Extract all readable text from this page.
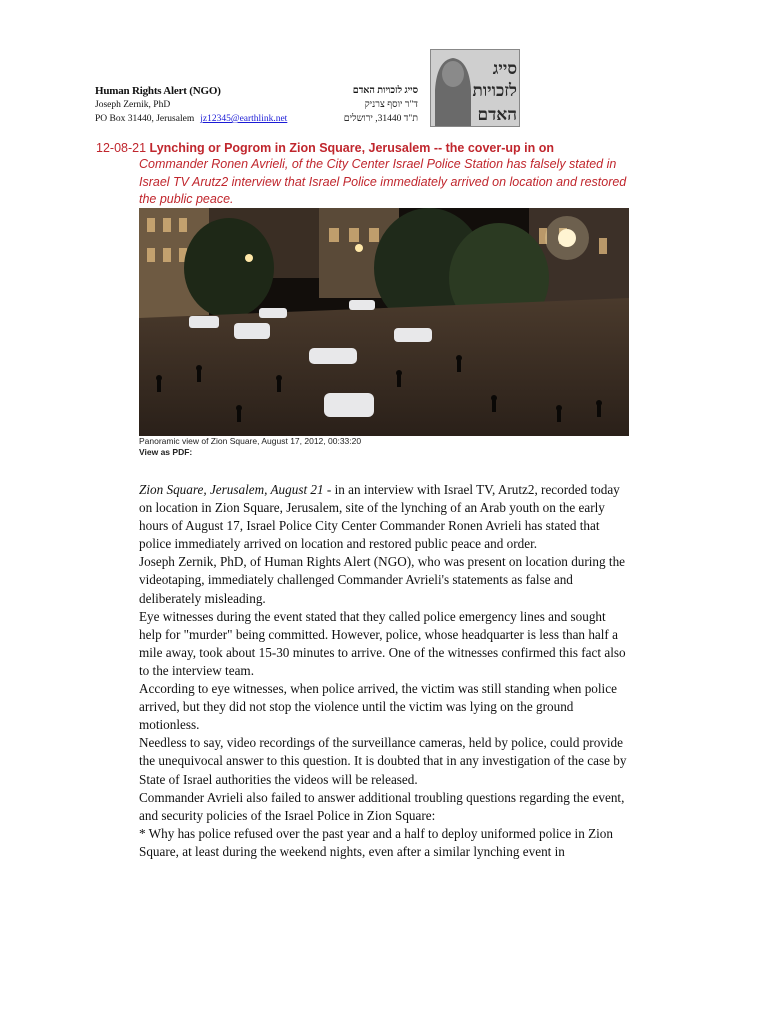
Human Rights Alert (NGO)
Joseph Zernik, PhD
PO Box 31440, Jerusalem jz12345@earthlink.net
סייג לזכויות האדם
ד"ר יוסף צרניק
ת"ד 31440, ירושלים
סייג
לזכויות
האדם
12-08-21 Lynching or Pogrom in Zion Square, Jerusalem -- the cover-up in on
Commander Ronen Avrieli, of the City Center Israel Police Station has falsely stated in Israel TV Arutz2 interview that Israel Police immediately arrived on location and restored the public peace.
Panoramic view of Zion Square, August 17, 2012, 00:33:20
View as PDF:

Zion Square, Jerusalem, August 21 - in an interview with Israel TV, Arutz2, recorded today on location in Zion Square, Jerusalem, site of the lynching of an Arab youth on the early hours of August 17, Israel Police City Center Commander Ronen Avrieli has stated that police immediately arrived on location and restored public peace and order.

Joseph Zernik, PhD, of Human Rights Alert (NGO), who was present on location during the videotaping, immediately challenged Commander Avrieli's statements as false and deliberately misleading.

Eye witnesses during the event stated that they called police emergency lines and sought help for "murder" being committed. However, police, whose headquarter is less than half a mile away, took about 15-30 minutes to arrive. One of the witnesses confirmed this fact also to the interview team.

According to eye witnesses, when police arrived, the victim was still standing when police arrived, but they did not stop the violence until the victim was lying on the ground motionless.

Needless to say, video recordings of the surveillance cameras, held by police, could provide the unequivocal answer to this question. It is doubted that in any investigation of the case by State of Israel authorities the videos will be released.

Commander Avrieli also failed to answer additional troubling questions regarding the event, and security policies of the Israel Police in Zion Square:

* Why has police refused over the past year and a half to deploy uniformed police in Zion Square, at least during the weekend nights, even after a similar lynching event in
